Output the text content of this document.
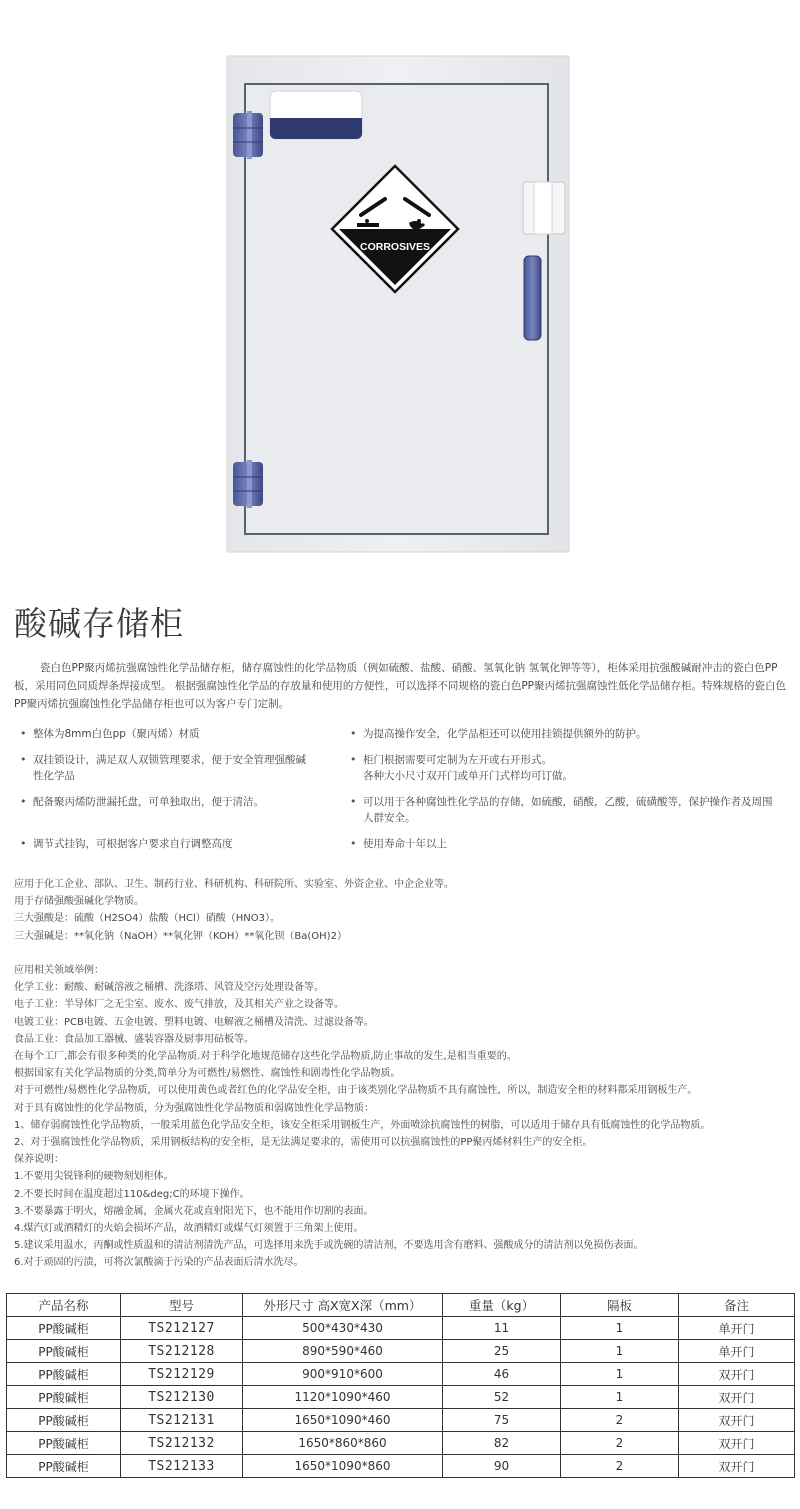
CORROSIVES
酸碱存储柜

瓷白色PP聚丙烯抗强腐蚀性化学品储存柜，储存腐蚀性的化学品物质（例如硫酸、盐酸、硝酸、氢氧化钠 氢氧化钾等等），柜体采用抗强酸碱耐冲击的瓷白色PP板，采用同色同质焊条焊接成型。 根据强腐蚀性化学品的存放量和使用的方便性，可以选择不同规格的瓷白色PP聚丙烯抗强腐蚀性低化学品储存柜。特殊规格的瓷白色PP聚丙烯抗强腐蚀性化学品储存柜也可以为客户专门定制。

• 整体为8mm白色pp（聚丙烯）材质	• 为提高操作安全，化学品柜还可以使用挂锁提供额外的防护。
• 双挂锁设计，满足双人双锁管理要求，便于安全管理强酸碱
性化学品
• 柜门根据需要可定制为左开或右开形式。
各种大小尺寸双开门或单开门式样均可订做。
• 配备聚丙烯防泄漏托盘，可单独取出，便于清洁。	• 可以用于各种腐蚀性化学品的存储，如硫酸，硝酸，乙酸，硫磺酸等，保护操作者及周围
人群安全。
• 调节式挂钩，可根据客户要求自行调整高度	• 使用寿命十年以上
应用于化工企业、部队、卫生、制药行业、科研机构、科研院所、实验室、外资企业、中企企业等。
用于存储强酸强碱化学物质。
三大强酸是：硫酸（H2SO4）盐酸（HCl）硝酸（HNO3）。
三大强碱是：**氧化钠（NaOH）**氧化钾（KOH）**氧化钡（Ba(OH)2）
应用相关领域举例：
化学工业：耐酸、耐碱溶液之桶槽、洗涤塔、风管及空污处理设备等。
电子工业：半导体厂之无尘室、废水、废气排放，及其相关产业之设备等。
电镀工业：PCB电镀、五金电镀、塑料电镀、电解液之桶槽及清洗、过滤设备等。
食品工业：食品加工器械、盛装容器及厨事用砧板等。
在每个工厂,都会有很多种类的化学品物质.对于科学化地规范储存这些化学品物质,防止事故的发生,是相当重要的。
根据国家有关化学品物质的分类,简单分为可燃性/易燃性、腐蚀性和剧毒性化学品物质。
对于可燃性/易燃性化学品物质，可以使用黄色或者红色的化学品安全柜，由于该类别化学品物质不具有腐蚀性，所以，制造安全柜的材料都采用钢板生产。
对于具有腐蚀性的化学品物质，分为强腐蚀性化学品物质和弱腐蚀性化学品物质：
1、储存弱腐蚀性化学品物质，一般采用蓝色化学品安全柜，该安全柜采用钢板生产，外面喷涂抗腐蚀性的树脂，可以适用于储存具有低腐蚀性的化学品物质。
2、对于强腐蚀性化学品物质，采用钢板结构的安全柜，是无法满足要求的，需使用可以抗强腐蚀性的PP聚丙烯材料生产的安全柜。
保养说明：
1.不要用尖锐锋利的硬物刻划柜体。
2.不要长时间在温度超过110&deg;C的环境下操作。
3.不要暴露于明火，熔融金属，金属火花或直射阳光下，也不能用作切割的表面。
4.煤汽灯或酒精灯的火焰会损坏产品，故酒精灯或煤气灯须置于三角架上使用。
5.建议采用温水，丙酮或性质温和的清洁剂清洗产品，可选择用来洗手或洗碗的清洁剂，不要选用含有磨料、强酸成分的清洁剂以免损伤表面。
6.对于顽固的污渍，可将次氯酸滴于污染的产品表面后清水洗尽。
产品名称	型号	外形尺寸 高X宽X深（mm）	重量（kg）	隔板	备注
PP酸碱柜	TS212127	500*430*430	11	1	单开门
PP酸碱柜	TS212128	890*590*460	25	1	单开门
PP酸碱柜	TS212129	900*910*600	46	1	双开门
PP酸碱柜	TS212130	1120*1090*460	52	1	双开门
PP酸碱柜	TS212131	1650*1090*460	75	2	双开门
PP酸碱柜	TS212132	1650*860*860	82	2	双开门
PP酸碱柜	TS212133	1650*1090*860	90	2	双开门
